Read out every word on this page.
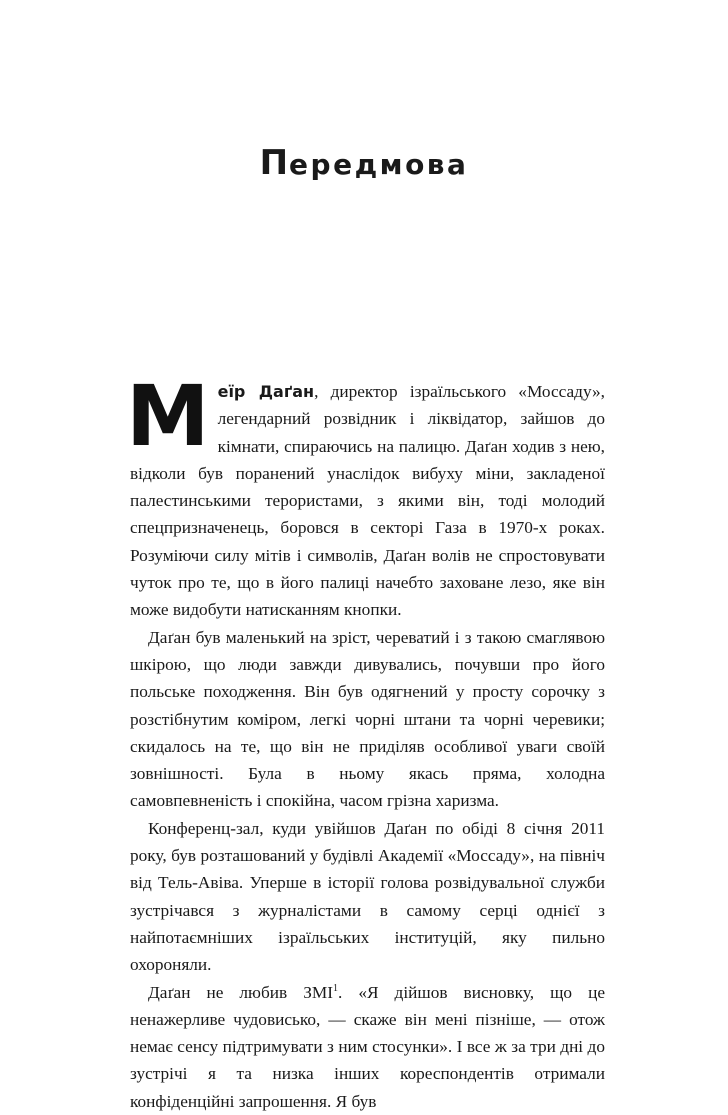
Передмова

Меїр Даґан, директор ізраїльського «Моссаду», легендарний розвідник і ліквідатор, зайшов до кімнати, спираючись на палицю. Даґан ходив з нею, відколи був поранений унаслідок вибуху міни, закладеної палестинськими терористами, з якими він, тоді молодий спецпризначенець, боровся в секторі Газа в 1970-х роках. Розуміючи силу мітів і символів, Даґан волів не спростовувати чуток про те, що в його палиці начебто заховане лезо, яке він може видобути натисканням кнопки.

Даґан був маленький на зріст, череватий і з такою смаглявою шкірою, що люди завжди дивувались, почувши про його польське походження. Він був одягнений у просту сорочку з розстібнутим коміром, легкі чорні штани та чорні черевики; скидалось на те, що він не приділяв особливої уваги своїй зовнішності. Була в ньому якась пряма, холодна самовпевненість і спокійна, часом грізна харизма.

Конференц-зал, куди увійшов Даґан по обіді 8 січня 2011 року, був розташований у будівлі Академії «Моссаду», на північ від Тель-Авіва. Уперше в історії голова розвідувальної служби зустрічався з журналістами в самому серці однієї з найпотаємніших ізраїльських інституцій, яку пильно охороняли.

Даґан не любив ЗМІ$^1$. «Я дійшов висновку, що це ненажерливе чудовисько, — скаже він мені пізніше, — отож немає сенсу підтримувати з ним стосунки». І все ж за три дні до зустрічі я та низка інших кореспондентів отримали конфіденційні запрошення. Я був
